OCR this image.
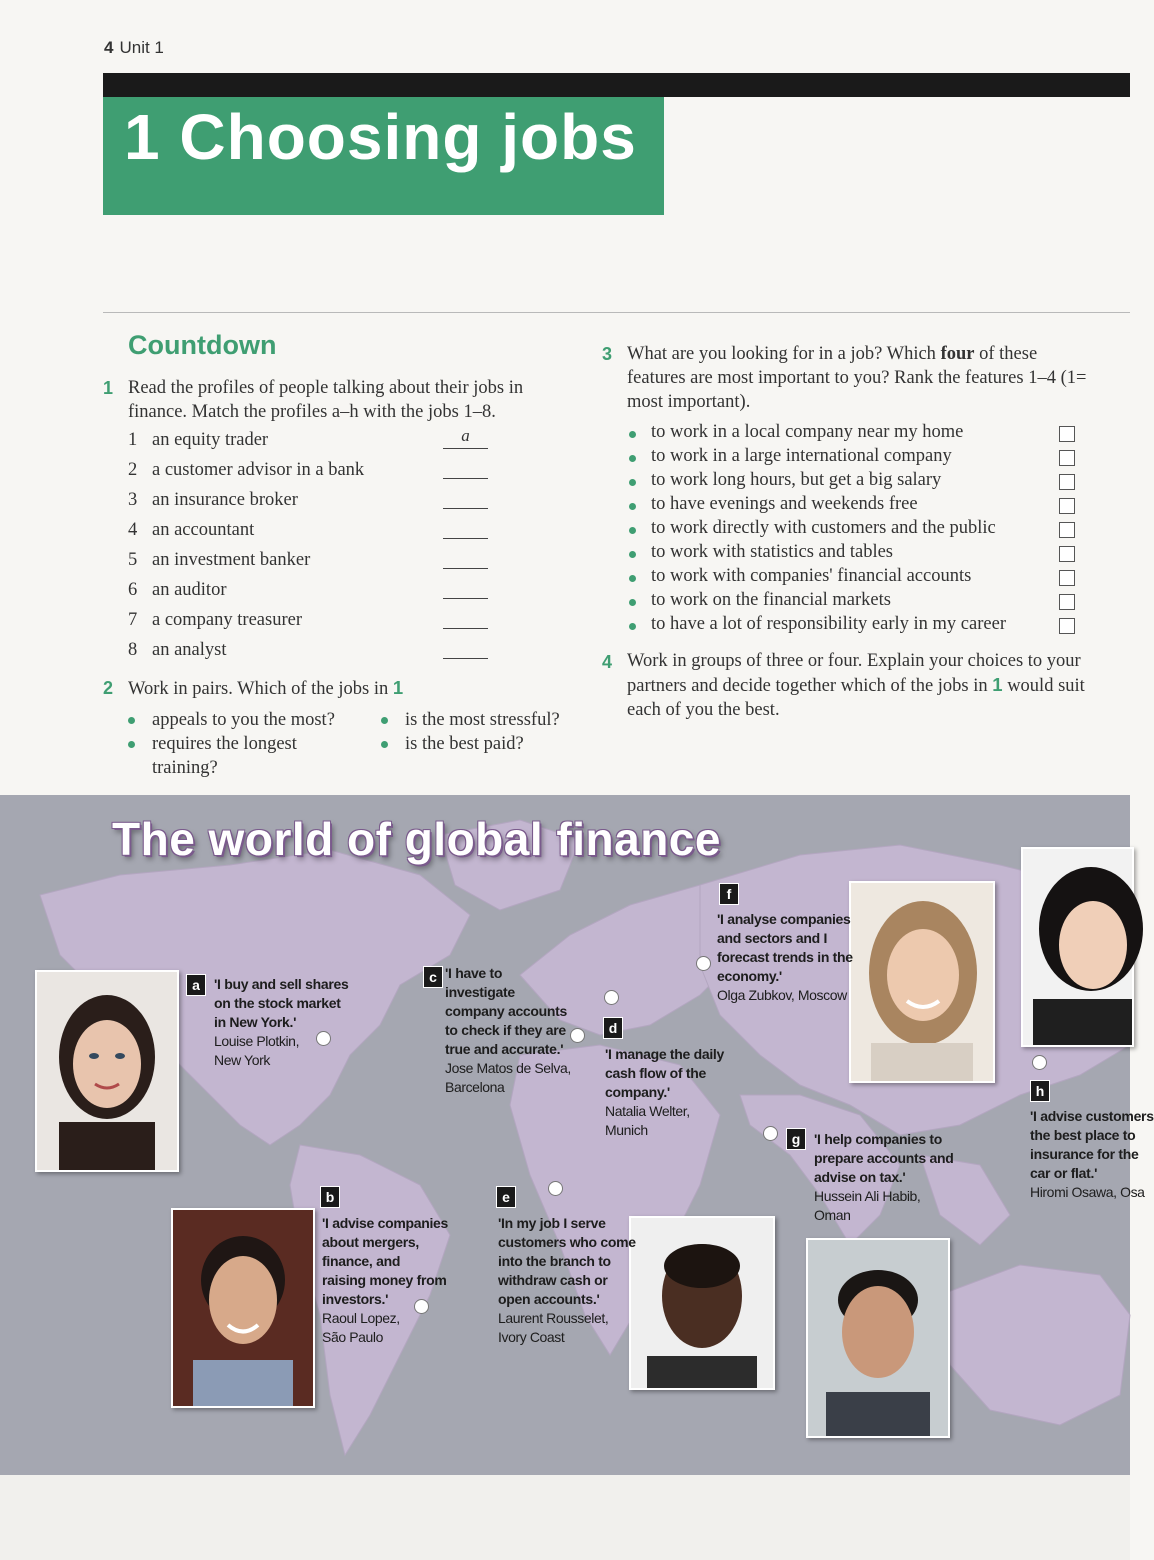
4 Unit 1
1 Choosing jobs
Countdown
1 Read the profiles of people talking about their jobs in finance. Match the profiles a–h with the jobs 1–8.
1 an equity trader	a
2 a customer advisor in a bank
3 an insurance broker
4 an accountant
5 an investment banker
6 an auditor
7 a company treasurer
8 an analyst
2 Work in pairs. Which of the jobs in 1
appeals to you the most?
requires the longest
training?
is the most stressful?
is the best paid?
3 What are you looking for in a job? Which four of these features are most important to you? Rank the features 1–4 (1= most important).
to work in a local company near my home
to work in a large international company
to work long hours, but get a big salary
to have evenings and weekends free
to work directly with customers and the public
to work with statistics and tables
to work with companies' financial accounts
to work on the financial markets
to have a lot of responsibility early in my career
4 Work in groups of three or four. Explain your choices to your partners and decide together which of the jobs in 1 would suit each of you the best.
The world of global finance
a	'I buy and sell shares
on the stock market
in New York.'
Louise Plotkin,
New York
b
'I advise companies
about mergers,
finance, and
raising money from
investors.'
Raoul Lopez,
São Paulo
c 'I have to
investigate
company accounts
to check if they are
true and accurate.'
Jose Matos de Selva,
Barcelona
d
'I manage the daily
cash flow of the
company.'
Natalia Welter,
Munich
e
'In my job I serve
customers who come
into the branch to
withdraw cash or
open accounts.'
Laurent Rousselet,
Ivory Coast
f
'I analyse companies
and sectors and I
forecast trends in the
economy.'
Olga Zubkov, Moscow
g 'I help companies to
prepare accounts and
advise on tax.'
Hussein Ali Habib,
Oman
h
'I advise customers
the best place to
insurance for the
car or flat.'
Hiromi Osawa, Osa
